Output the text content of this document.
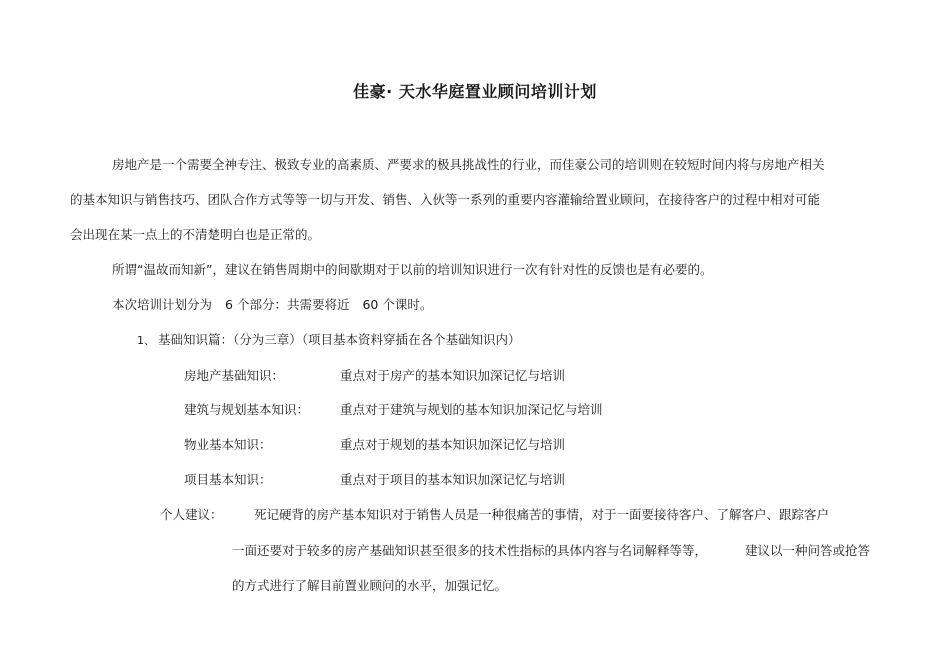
佳豪· 天水华庭置业顾问培训计划

房地产是一个需要全神专注、极致专业的高素质、严要求的极具挑战性的行业，而佳豪公司的培训则在较短时间内将与房地产相关

的基本知识与销售技巧、团队合作方式等等一切与开发、销售、入伙等一系列的重要内容灌输给置业顾问，在接待客户的过程中相对可能

会出现在某一点上的不清楚明白也是正常的。

所谓“温故而知新”，建议在销售周期中的间歇期对于以前的培训知识进行一次有针对性的反馈也是有必要的。

本次培训计划分为 6 个部分：共需要将近 60 个课时。

1、 基础知识篇：（分为三章）（项目基本资料穿插在各个基础知识内）

房地产基础知识：	重点对于房产的基本知识加深记忆与培训

建筑与规划基本知识： 重点对于建筑与规划的基本知识加深记忆与培训

物业基本知识：	重点对于规划的基本知识加深记忆与培训

项目基本知识：	重点对于项目的基本知识加深记忆与培训

个人建议：	死记硬背的房产基本知识对于销售人员是一种很痛苦的事情，对于一面要接待客户、了解客户、跟踪客户

一面还要对于较多的房产基础知识甚至很多的技术性指标的具体内容与名词解释等等，	建议以一种问答或抢答

的方式进行了解目前置业顾问的水平，加强记忆。
